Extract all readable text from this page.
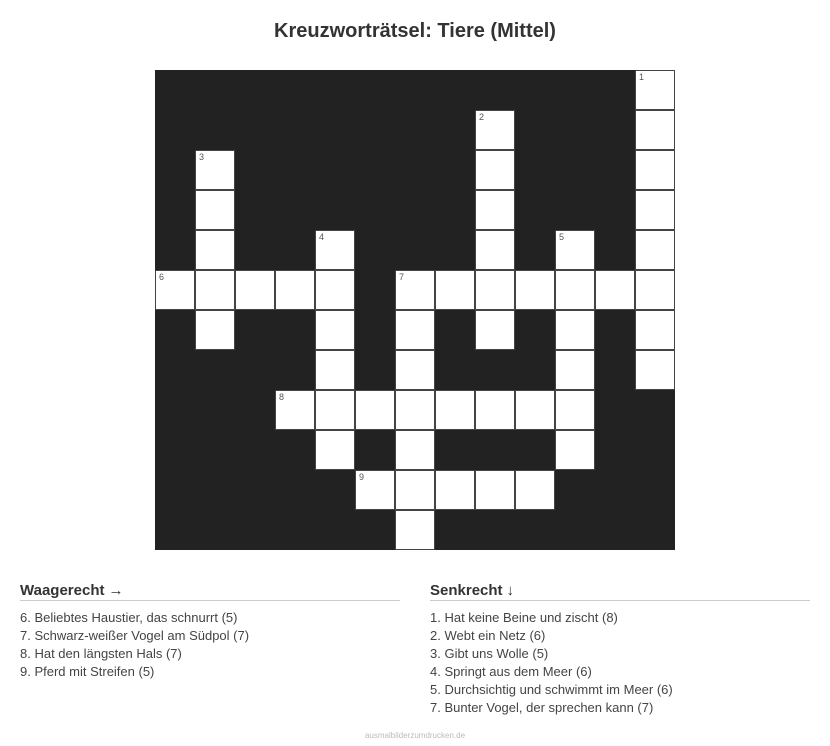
Kreuzworträtsel: Tiere (Mittel)
1
2
3
4	5
6	7
8
9
Waagerecht →
6. Beliebtes Haustier, das schnurrt (5)
7. Schwarz-weißer Vogel am Südpol (7)
8. Hat den längsten Hals (7)
9. Pferd mit Streifen (5)
Senkrecht ↓
1. Hat keine Beine und zischt (8)
2. Webt ein Netz (6)
3. Gibt uns Wolle (5)
4. Springt aus dem Meer (6)
5. Durchsichtig und schwimmt im Meer (6)
7. Bunter Vogel, der sprechen kann (7)
ausmalbilderzumdrucken.de
